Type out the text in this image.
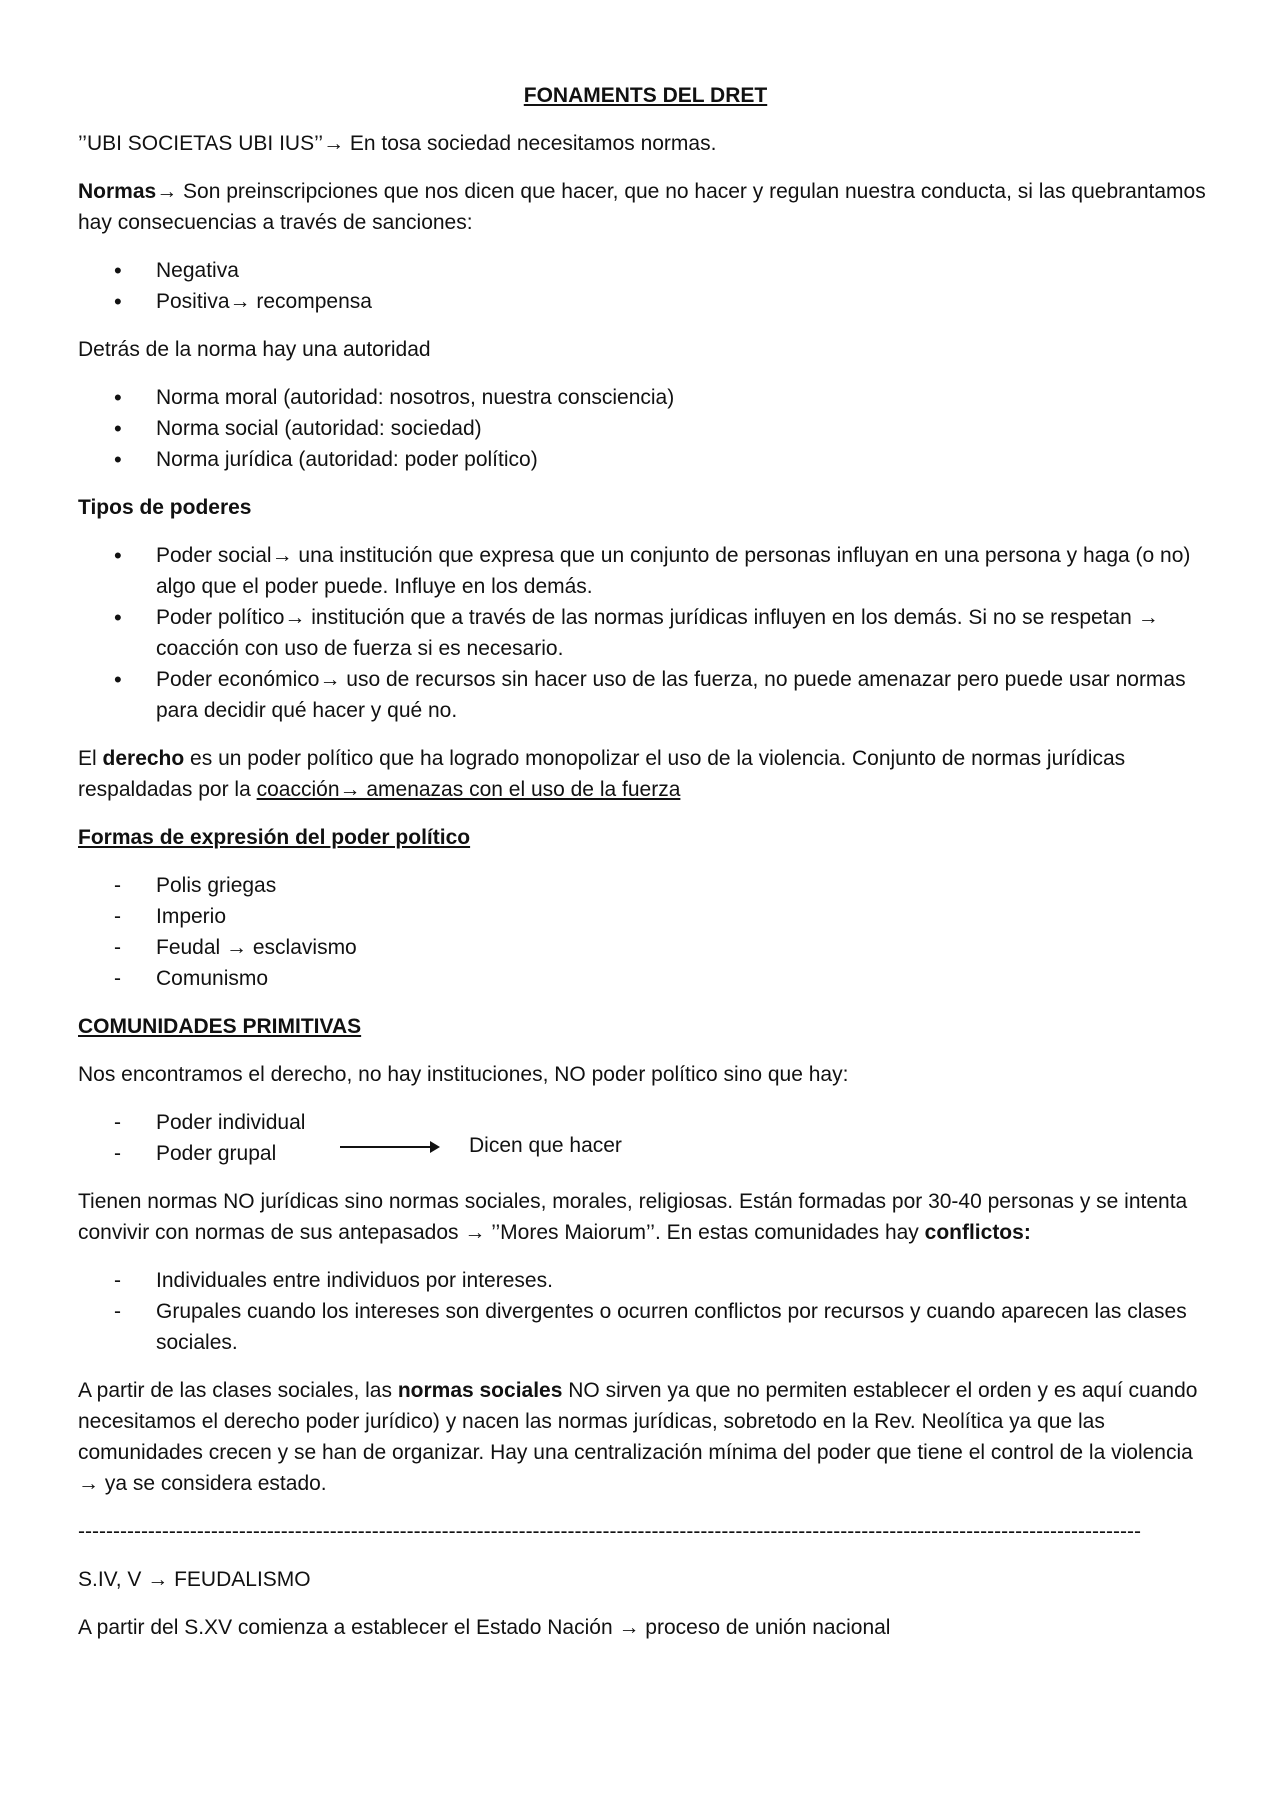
FONAMENTS DEL DRET

’’UBI SOCIETAS UBI IUS’’→ En tosa sociedad necesitamos normas.

Normas→ Son preinscripciones que nos dicen que hacer, que no hacer y regulan nuestra conducta, si las quebrantamos hay consecuencias a través de sanciones:

•	Negativa
•	Positiva→ recompensa

Detrás de la norma hay una autoridad

•	Norma moral (autoridad: nosotros, nuestra consciencia)
•	Norma social (autoridad: sociedad)
•	Norma jurídica (autoridad: poder político)

Tipos de poderes

•	Poder social→ una institución que expresa que un conjunto de personas influyan en una persona y haga (o no) algo que el poder puede. Influye en los demás.
•	Poder político→ institución que a través de las normas jurídicas influyen en los demás. Si no se respetan → coacción con uso de fuerza si es necesario.
•	Poder económico→ uso de recursos sin hacer uso de las fuerza, no puede amenazar pero puede usar normas para decidir qué hacer y qué no.

El derecho es un poder político que ha logrado monopolizar el uso de la violencia. Conjunto de normas jurídicas respaldadas por la coacción→ amenazas con el uso de la fuerza

Formas de expresión del poder político

-	Polis griegas
-	Imperio
-	Feudal → esclavismo
-	Comunismo

COMUNIDADES PRIMITIVAS

Nos encontramos el derecho, no hay instituciones, NO poder político sino que hay:

-	Poder individual
-	Poder grupal	Dicen que hacer

Tienen normas NO jurídicas sino normas sociales, morales, religiosas. Están formadas por 30-40 personas y se intenta convivir con normas de sus antepasados → ’’Mores Maiorum’’. En estas comunidades hay conflictos:

-	Individuales entre individuos por intereses.
-	Grupales cuando los intereses son divergentes o ocurren conflictos por recursos y cuando aparecen las clases sociales.

A partir de las clases sociales, las normas sociales NO sirven ya que no permiten establecer el orden y es aquí cuando necesitamos el derecho poder jurídico) y nacen las normas jurídicas, sobretodo en la Rev. Neolítica ya que las comunidades crecen y se han de organizar. Hay una centralización mínima del poder que tiene el control de la violencia → ya se considera estado.

--------------------------------------------------------------------------------------------------------------------------------------------------------

S.IV, V → FEUDALISMO

A partir del S.XV comienza a establecer el Estado Nación → proceso de unión nacional
